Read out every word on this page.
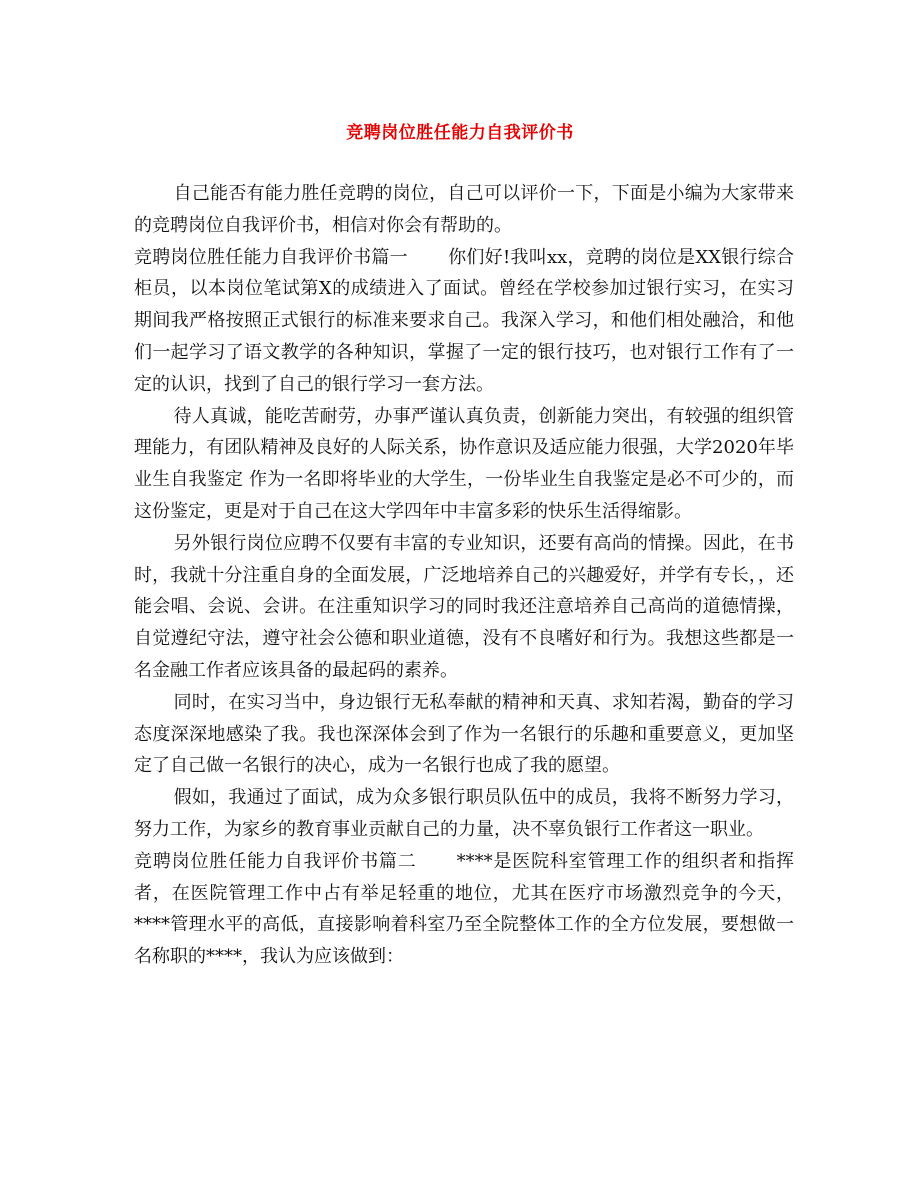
竞聘岗位胜任能力自我评价书

自己能否有能力胜任竞聘的岗位，自己可以评价一下，下面是小编为大家带来的竞聘岗位自我评价书，相信对你会有帮助的。

竞聘岗位胜任能力自我评价书篇一 你们好!我叫xx，竞聘的岗位是XX银行综合柜员，以本岗位笔试第X的成绩进入了面试。曾经在学校参加过银行实习，在实习期间我严格按照正式银行的标准来要求自己。我深入学习，和他们相处融洽，和他们一起学习了语文教学的各种知识，掌握了一定的银行技巧，也对银行工作有了一定的认识，找到了自己的银行学习一套方法。

待人真诚，能吃苦耐劳，办事严谨认真负责，创新能力突出，有较强的组织管理能力，有团队精神及良好的人际关系，协作意识及适应能力很强，大学2020年毕业生自我鉴定 作为一名即将毕业的大学生，一份毕业生自我鉴定是必不可少的，而这份鉴定，更是对于自己在这大学四年中丰富多彩的快乐生活得缩影。

另外银行岗位应聘不仅要有丰富的专业知识，还要有高尚的情操。因此，在书时，我就十分注重自身的全面发展，广泛地培养自己的兴趣爱好，并学有专长，，还能会唱、会说、会讲。在注重知识学习的同时我还注意培养自己高尚的道德情操，自觉遵纪守法，遵守社会公德和职业道德，没有不良嗜好和行为。我想这些都是一名金融工作者应该具备的最起码的素养。

同时，在实习当中，身边银行无私奉献的精神和天真、求知若渴，勤奋的学习态度深深地感染了我。我也深深体会到了作为一名银行的乐趣和重要意义，更加坚定了自己做一名银行的决心，成为一名银行也成了我的愿望。

假如，我通过了面试，成为众多银行职员队伍中的成员，我将不断努力学习，努力工作，为家乡的教育事业贡献自己的力量，决不辜负银行工作者这一职业。

竞聘岗位胜任能力自我评价书篇二 ****是医院科室管理工作的组织者和指挥者，在医院管理工作中占有举足轻重的地位，尤其在医疗市场激烈竞争的今天，****管理水平的高低，直接影响着科室乃至全院整体工作的全方位发展，要想做一名称职的****，我认为应该做到：
